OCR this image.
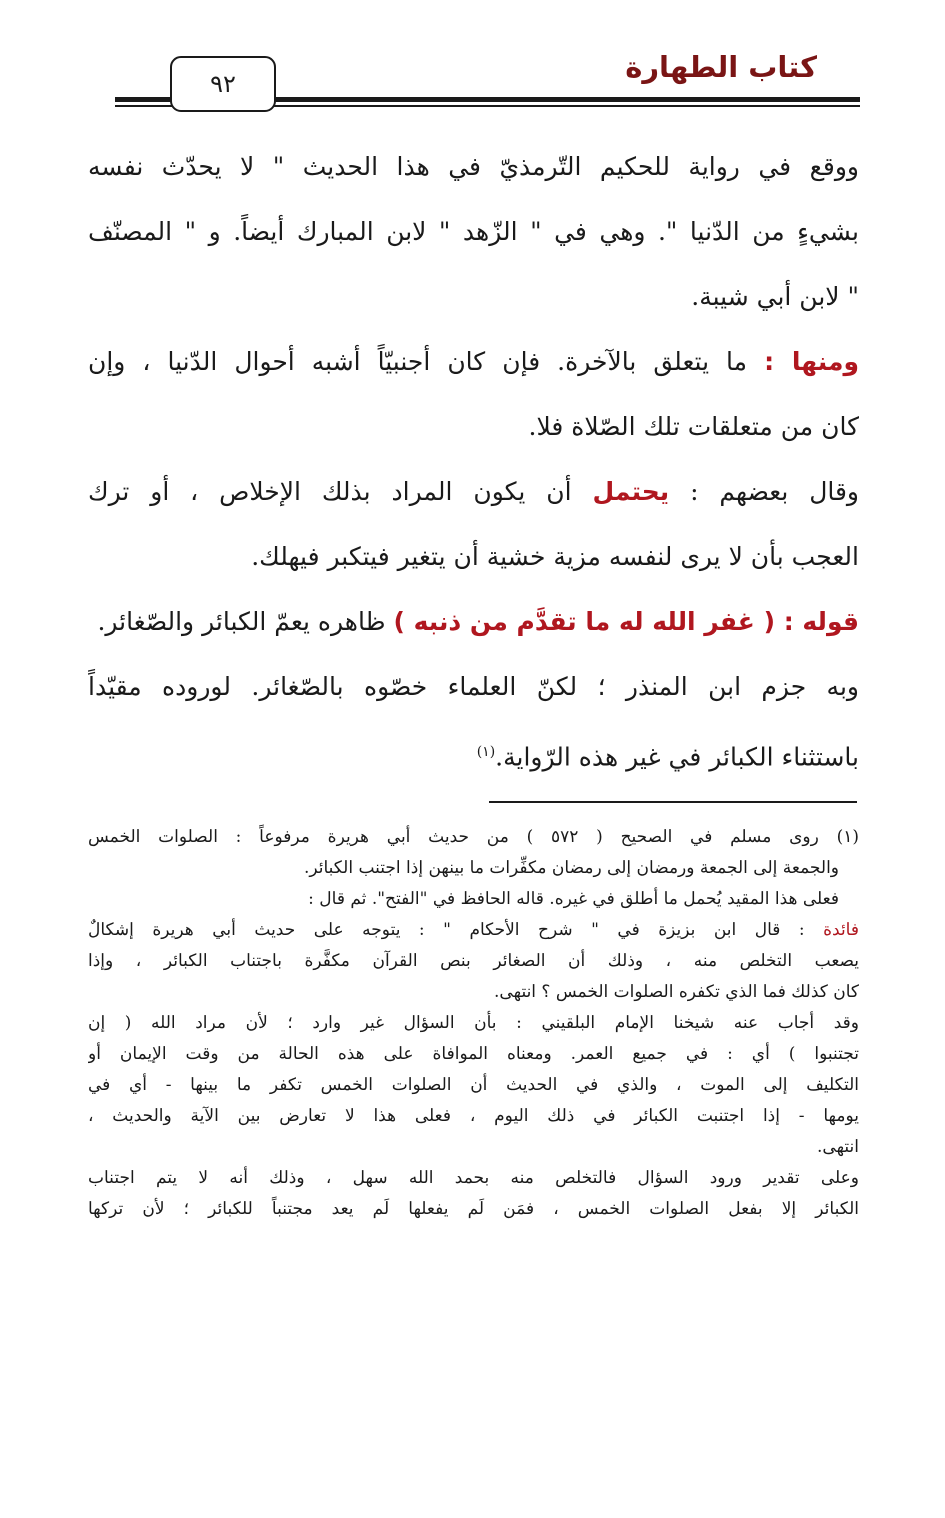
كتاب الطهارة
٩٢
ووقع في رواية للحكيم التّرمذيّ في هذا الحديث " لا يحدّث نفسه
بشيءٍ من الدّنيا ". وهي في " الزّهد " لابن المبارك أيضاً. و " المصنّف
" لابن أبي شيبة.
ومنها : ما يتعلق بالآخرة. فإن كان أجنبيّاً أشبه أحوال الدّنيا ، وإن
كان من متعلقات تلك الصّلاة فلا.
وقال بعضهم : يحتمل أن يكون المراد بذلك الإخلاص ، أو ترك
العجب بأن لا يرى لنفسه مزية خشية أن يتغير فيتكبر فيهلك.
قوله : ( غفر الله له ما تقدَّم من ذنبه ) ظاهره يعمّ الكبائر والصّغائر.
وبه جزم ابن المنذر ؛ لكنّ العلماء خصّوه بالصّغائر. لوروده مقيّداً
باستثناء الكبائر في غير هذه الرّواية.$^{(١)}$
(١) روى مسلم في الصحيح ( ٥٧٢ ) من حديث أبي هريرة مرفوعاً : الصلوات الخمس
والجمعة إلى الجمعة ورمضان إلى رمضان مكفِّرات ما بينهن إذا اجتنب الكبائر.
فعلى هذا المقيد يُحمل ما أطلق في غيره. قاله الحافظ في "الفتح". ثم قال :
فائدة : قال ابن بزيزة في " شرح الأحكام " : يتوجه على حديث أبي هريرة إشكالٌ
يصعب التخلص منه ، وذلك أن الصغائر بنص القرآن مكفَّرة باجتناب الكبائر ، وإذا
كان كذلك فما الذي تكفره الصلوات الخمس ؟ انتهى.
وقد أجاب عنه شيخنا الإمام البلقيني : بأن السؤال غير وارد ؛ لأن مراد الله ( إن
تجتنبوا ) أي : في جميع العمر. ومعناه الموافاة على هذه الحالة من وقت الإيمان أو
التكليف إلى الموت ، والذي في الحديث أن الصلوات الخمس تكفر ما بينها - أي في
يومها - إذا اجتنبت الكبائر في ذلك اليوم ، فعلى هذا لا تعارض بين الآية والحديث ،
انتهى.
وعلى تقدير ورود السؤال فالتخلص منه بحمد الله سهل ، وذلك أنه لا يتم اجتناب
الكبائر إلا بفعل الصلوات الخمس ، فمَن لَم يفعلها لَم يعد مجتنباً للكبائر ؛ لأن تركها
